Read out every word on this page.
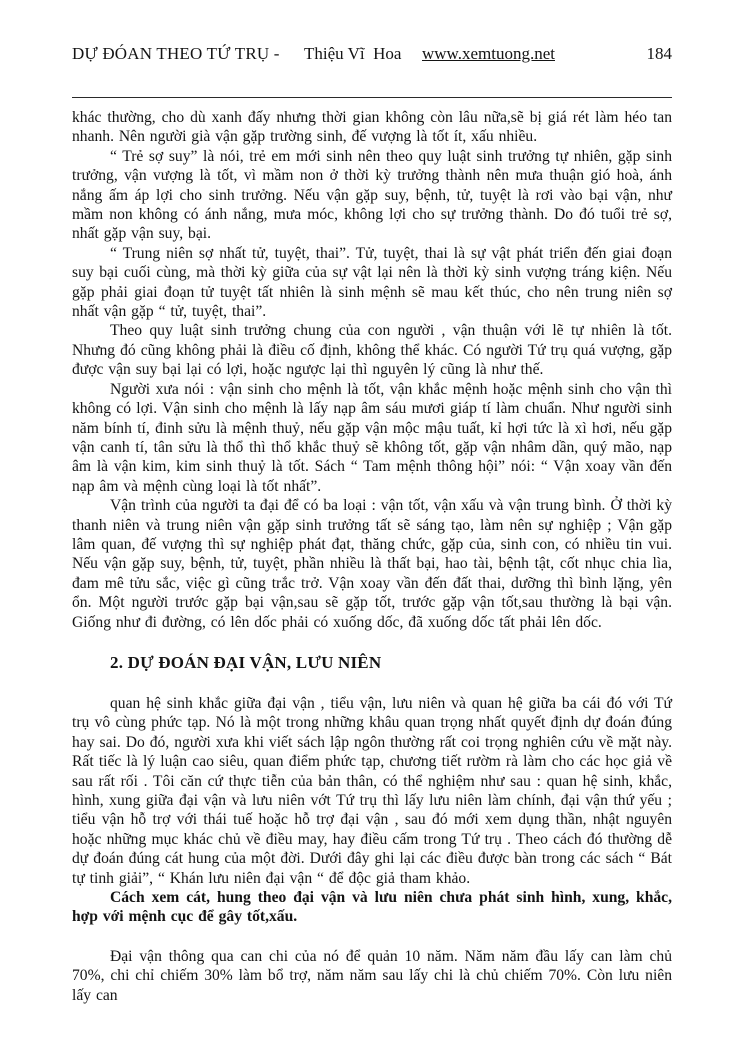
DỰ ĐÓAN THEO TỨ TRỤ - Thiệu Vĩ  Hoa www.xemtuong.net	184

khác thường, cho dù xanh đấy nhưng thời gian không còn lâu nữa,sẽ bị giá rét làm héo tan nhanh. Nên người già vận gặp trường sinh, đế vượng là tốt ít, xấu nhiều.

“ Trẻ sợ suy” là nói, trẻ em mới sinh nên theo quy luật sinh trưởng tự nhiên, gặp sinh trưởng, vận vượng là tốt, vì mầm non ở thời kỳ trưởng thành nên mưa thuận gió hoà, ánh nắng ấm áp lợi cho sinh trưởng. Nếu vận gặp suy, bệnh, tử, tuyệt là rơi vào bại vận, như mầm non không có ánh nắng, mưa móc, không lợi cho sự trưởng thành. Do đó tuổi trẻ sợ, nhất gặp vận suy, bại.

“ Trung niên sợ nhất tử, tuyệt, thai”. Tử, tuyệt, thai là sự vật phát triển đến giai đoạn suy bại cuối cùng, mà thời kỳ giữa của sự vật lại nên là thời kỳ sinh vượng tráng kiện. Nếu gặp phải giai đoạn tử tuyệt tất nhiên là sinh mệnh sẽ mau kết thúc, cho nên trung niên sợ nhất vận gặp “ tử, tuyệt, thai”.

Theo quy luật sinh trưởng chung của con người , vận thuận với lẽ tự nhiên là tốt. Nhưng đó cũng không phải là điều cố định, không thể khác. Có người Tứ trụ quá vượng, gặp được vận suy bại lại có lợi, hoặc ngược lại thì nguyên lý cũng là như thế.

Người xưa nói : vận sinh cho mệnh là tốt, vận khắc mệnh hoặc mệnh sinh cho vận thì không có lợi. Vận sinh cho mệnh là lấy nạp âm sáu mươi giáp tí làm chuẩn. Như người sinh năm bính tí, đinh sửu là mệnh thuỷ, nếu gặp vận mộc mậu tuất, kỉ hợi tức là xì hơi, nếu gặp vận canh tí, tân sửu là thổ thì thổ khắc thuỷ sẽ không tốt, gặp vận nhâm dần, quý mão, nạp âm là vận kim, kim sinh thuỷ là tốt. Sách “ Tam mệnh thông hội” nói: “ Vận xoay vần đến nạp âm và mệnh cùng loại là tốt nhất”.

Vận trình của người ta đại để có ba loại : vận tốt, vận xấu và vận trung bình. Ở thời kỳ thanh niên và trung niên vận gặp sinh trưởng tất sẽ sáng tạo, làm nên sự nghiệp ; Vận gặp lâm quan, đế vượng thì sự nghiệp phát đạt, thăng chức, gặp của, sinh con, có nhiều tin vui. Nếu vận gặp suy, bệnh, tử, tuyệt, phần nhiều là thất bại, hao tài, bệnh tật, cốt nhục chia lìa, đam mê tửu sắc, việc gì cũng trắc trở. Vận xoay vần đến đất thai, dưỡng thì bình lặng, yên ổn. Một người trước gặp bại vận,sau sẽ gặp tốt, trước gặp vận tốt,sau thường là bại vận. Giống như đi đường, có lên dốc phải có xuống dốc, đã xuống dốc tất phải lên dốc.

2. DỰ ĐOÁN ĐẠI VẬN, LƯU NIÊN

quan hệ sinh khắc giữa đại vận , tiểu vận, lưu niên và quan hệ giữa ba cái đó với Tứ trụ vô cùng phức tạp. Nó là một trong những khâu quan trọng nhất quyết định dự đoán đúng hay sai. Do đó, người xưa khi viết sách lập ngôn thường rất coi trọng nghiên cứu về mặt này. Rất tiếc là lý luận cao siêu, quan điểm phức tạp, chương tiết rườm rà làm cho các học giả về sau rất rối . Tôi căn cứ thực tiễn của bản thân, có thể nghiệm như sau : quan hệ sinh, khắc, hình, xung giữa đại vận và lưu niên vớt Tứ trụ thì lấy lưu niên làm chính, đại vận thứ yếu ; tiểu vận hỗ trợ với thái tuế hoặc hỗ trợ đại vận , sau đó mới xem dụng thần, nhật nguyên hoặc những mục khác chủ về điều may, hay điều cấm trong Tứ trụ . Theo cách đó thường dễ dự đoán đúng cát hung của một đời. Dưới đây ghi lại các điều được bàn trong các sách “ Bát tự tinh giải”, “ Khán lưu niên đại vận “ để độc giả tham khảo.

Cách xem cát, hung theo đại vận và lưu niên chưa phát sinh hình, xung, khắc, hợp với mệnh cục để gây tốt,xấu.

Đại vận thông qua can chi của nó để quản 10 năm. Năm năm đầu lấy can làm chủ 70%, chi chỉ chiếm 30% làm bổ trợ, năm năm sau lấy chi là chủ chiếm 70%. Còn lưu niên lấy can
